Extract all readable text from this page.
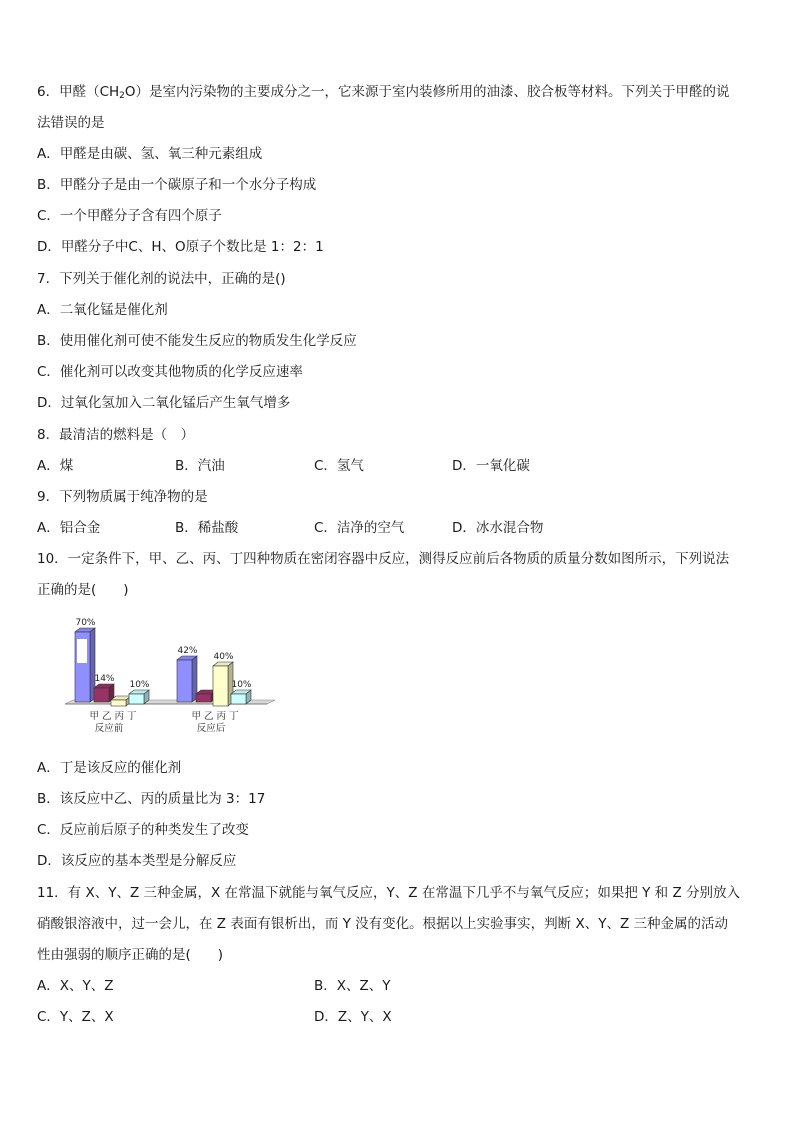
6．甲醛$(CH_2O)$是室内污染物的主要成分之一，它来源于室内装修所用的油漆、胶合板等材料。下列关于甲醛的说
法错误的是
A．甲醛是由碳、氢、氧三种元素组成
B．甲醛分子是由一个碳原子和一个水分子构成
C．一个甲醛分子含有四个原子
D．甲醛分子中C、H、O原子个数比是 1：2：1
7．下列关于催化剂的说法中，正确的是()
A．二氧化锰是催化剂
B．使用催化剂可使不能发生反应的物质发生化学反应
C．催化剂可以改变其他物质的化学反应速率
D．过氧化氢加入二氧化锰后产生氧气增多
8．最清洁的燃料是（　）
A．煤	B．汽油	C．氢气	D．一氧化碳
9．下列物质属于纯净物的是
A．铝合金	B．稀盐酸	C．洁净的空气	D．冰水混合物
10．一定条件下，甲、乙、丙、丁四种物质在密闭容器中反应，测得反应前后各物质的质量分数如图所示，下列说法
正确的是(　　)
70%
14%
10%
甲 乙 丙 丁
反应前
42%
40%
10%
甲 乙 丙 丁
反应后
A．丁是该反应的催化剂
B．该反应中乙、丙的质量比为 3：17
C．反应前后原子的种类发生了改变
D．该反应的基本类型是分解反应
11．有 X、Y、Z 三种金属，X 在常温下就能与氧气反应，Y、Z 在常温下几乎不与氧气反应；如果把 Y 和 Z 分别放入
硝酸银溶液中，过一会儿，在 Z 表面有银析出，而 Y 没有变化。根据以上实验事实，判断 X、Y、Z 三种金属的活动
性由强弱的顺序正确的是(　　)
A．X、Y、Z	B．X、Z、Y
C．Y、Z、X	D．Z、Y、X
